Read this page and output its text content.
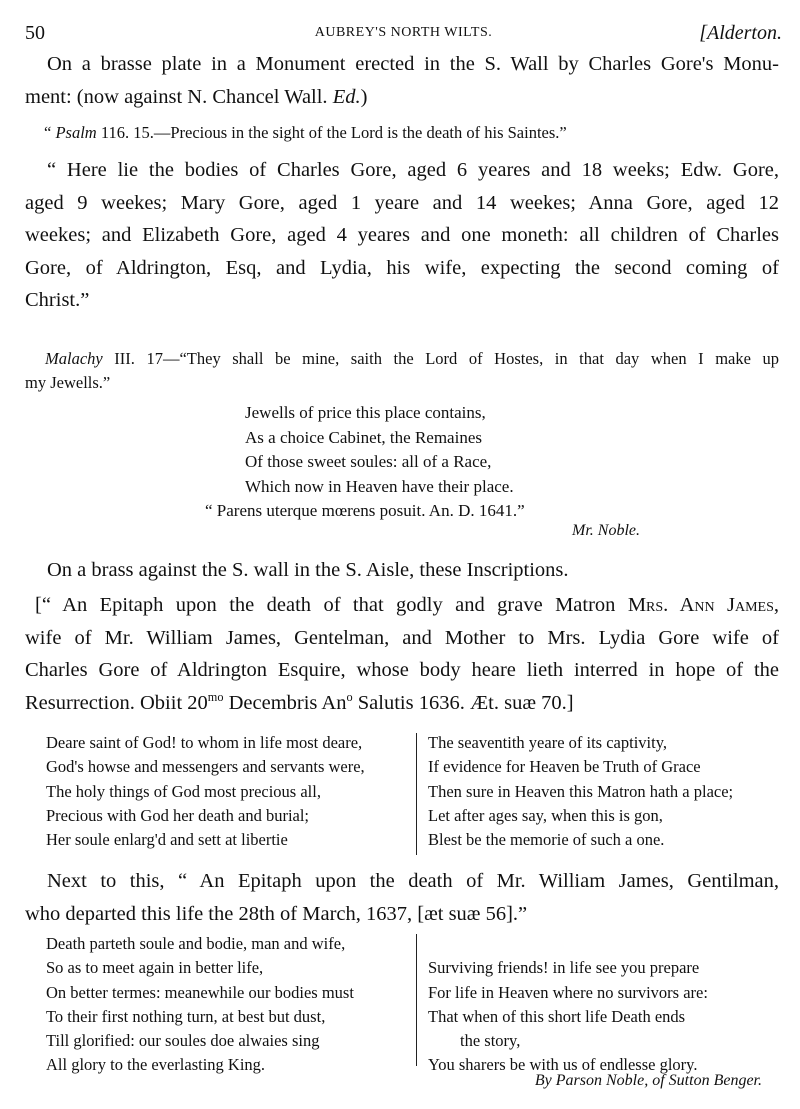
50	AUBREY'S NORTH WILTS.	[Alderton.
On a brasse plate in a Monument erected in the S. Wall by Charles Gore's Monu-
ment: (now against N. Chancel Wall. Ed.)
“ Psalm 116. 15.—Precious in the sight of the Lord is the death of his Saintes.”
“ Here lie the bodies of Charles Gore, aged 6 yeares and 18 weeks; Edw. Gore,
aged 9 weekes; Mary Gore, aged 1 yeare and 14 weekes; Anna Gore, aged 12
weekes; and Elizabeth Gore, aged 4 yeares and one moneth: all children of Charles
Gore, of Aldrington, Esq, and Lydia, his wife, expecting the second coming of
Christ.”
Malachy III. 17—“They shall be mine, saith the Lord of Hostes, in that day when I make up
my Jewells.”
Jewells of price this place contains,
As a choice Cabinet, the Remaines
Of those sweet soules: all of a Race,
Which now in Heaven have their place.
“ Parens uterque mœrens posuit. An. D. 1641.”
Mr. Noble.
On a brass against the S. wall in the S. Aisle, these Inscriptions.
[“ An Epitaph upon the death of that godly and grave Matron Mrs. Ann James,
wife of Mr. William James, Gentelman, and Mother to Mrs. Lydia Gore wife of
Charles Gore of Aldrington Esquire, whose body heare lieth interred in hope of the
Resurrection. Obiit $20^{mo}$ Decembris An$^o$ Salutis 1636. Æt. suæ 70.]
Deare saint of God! to whom in life most deare,
God's howse and messengers and servants were,
The holy things of God most precious all,
Precious with God her death and burial;
Her soule enlarg'd and sett at libertie
The seaventith yeare of its captivity,
If evidence for Heaven be Truth of Grace
Then sure in Heaven this Matron hath a place;
Let after ages say, when this is gon,
Blest be the memorie of such a one.
Next to this, “ An Epitaph upon the death of Mr. William James, Gentilman,
who departed this life the 28th of March, 1637, [æt suæ 56].”
Death parteth soule and bodie, man and wife,
So as to meet again in better life,
On better termes: meanewhile our bodies must
To their first nothing turn, at best but dust,
Till glorified: our soules doe alwaies sing
All glory to the everlasting King.
Surviving friends! in life see you prepare
For life in Heaven where no survivors are:
That when of this short life Death ends
the story,
You sharers be with us of endlesse glory.
By Parson Noble, of Sutton Benger.
